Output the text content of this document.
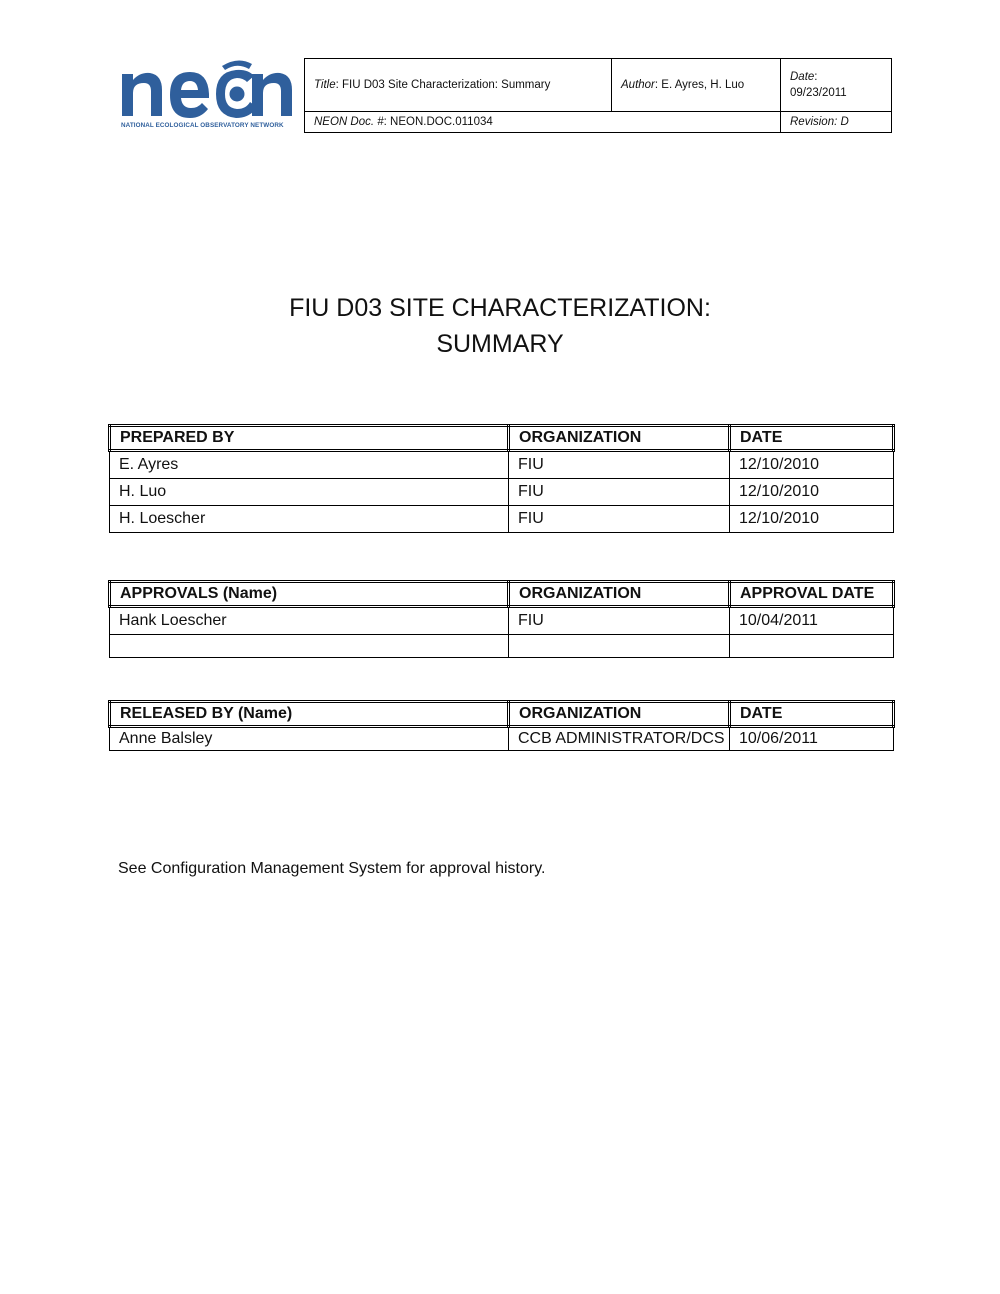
NATIONAL ECOLOGICAL OBSERVATORY NETWORK
Title: FIU D03 Site Characterization: Summary	Author: E. Ayres, H. Luo	Date:
09/23/2011
NEON Doc. #: NEON.DOC.011034		Revision: D
FIU D03 SITE CHARACTERIZATION:
SUMMARY
PREPARED BY	ORGANIZATION	DATE
E. Ayres	FIU	12/10/2010
H. Luo	FIU	12/10/2010
H. Loescher	FIU	12/10/2010
APPROVALS (Name)	ORGANIZATION	APPROVAL DATE
Hank Loescher	FIU	10/04/2011

RELEASED BY (Name)	ORGANIZATION	DATE
Anne Balsley	CCB ADMINISTRATOR/DCS	10/06/2011
See Configuration Management System for approval history.
